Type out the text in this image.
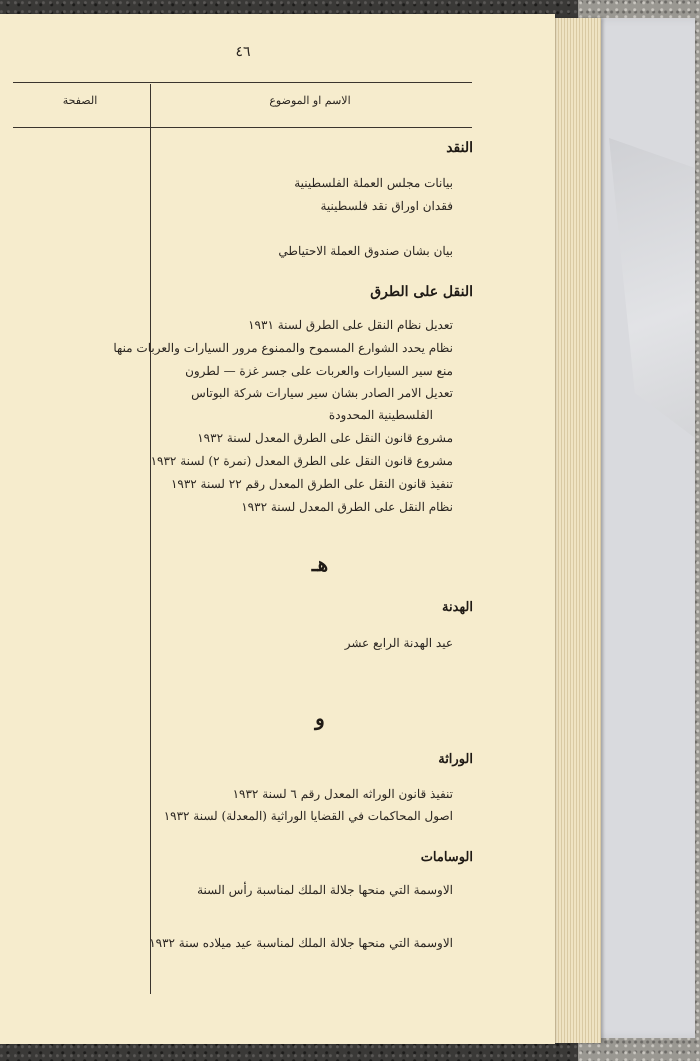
٤٦
الصفحة	الاسم او الموضوع
النقد
بيانات مجلس العملة الفلسطينية
فقدان اوراق نقد فلسطينية
بيان بشان صندوق العملة الاحتياطي
النقل على الطرق
تعديل نظام النقل على الطرق لسنة ١٩٣١
نظام يحدد الشوارع المسموح والممنوع مرور السيارات والعربات منها
منع سير السيارات والعربات على جسر غزة — لطرون
تعديل الامر الصادر بشان سير سيارات شركة البوتاس
الفلسطينية المحدودة
مشروع قانون النقل على الطرق المعدل لسنة ١٩٣٢
مشروع قانون النقل على الطرق المعدل (نمرة ٢) لسنة ١٩٣٢
تنفيذ قانون النقل على الطرق المعدل رقم ٢٢ لسنة ١٩٣٢
نظام النقل على الطرق المعدل لسنة ١٩٣٢
هـ
الهدنة
عيد الهدنة الرابع عشر
و
الوراثة
تنفيذ قانون الوراثه المعدل رقم ٦ لسنة ١٩٣٢
اصول المحاكمات في القضايا الوراثية (المعدلة) لسنة ١٩٣٢
الوسامات
الاوسمة التي منحها جلالة الملك لمناسبة رأس السنة
الاوسمة التي منحها جلالة الملك لمناسبة عيد ميلاده سنة ١٩٣٢
